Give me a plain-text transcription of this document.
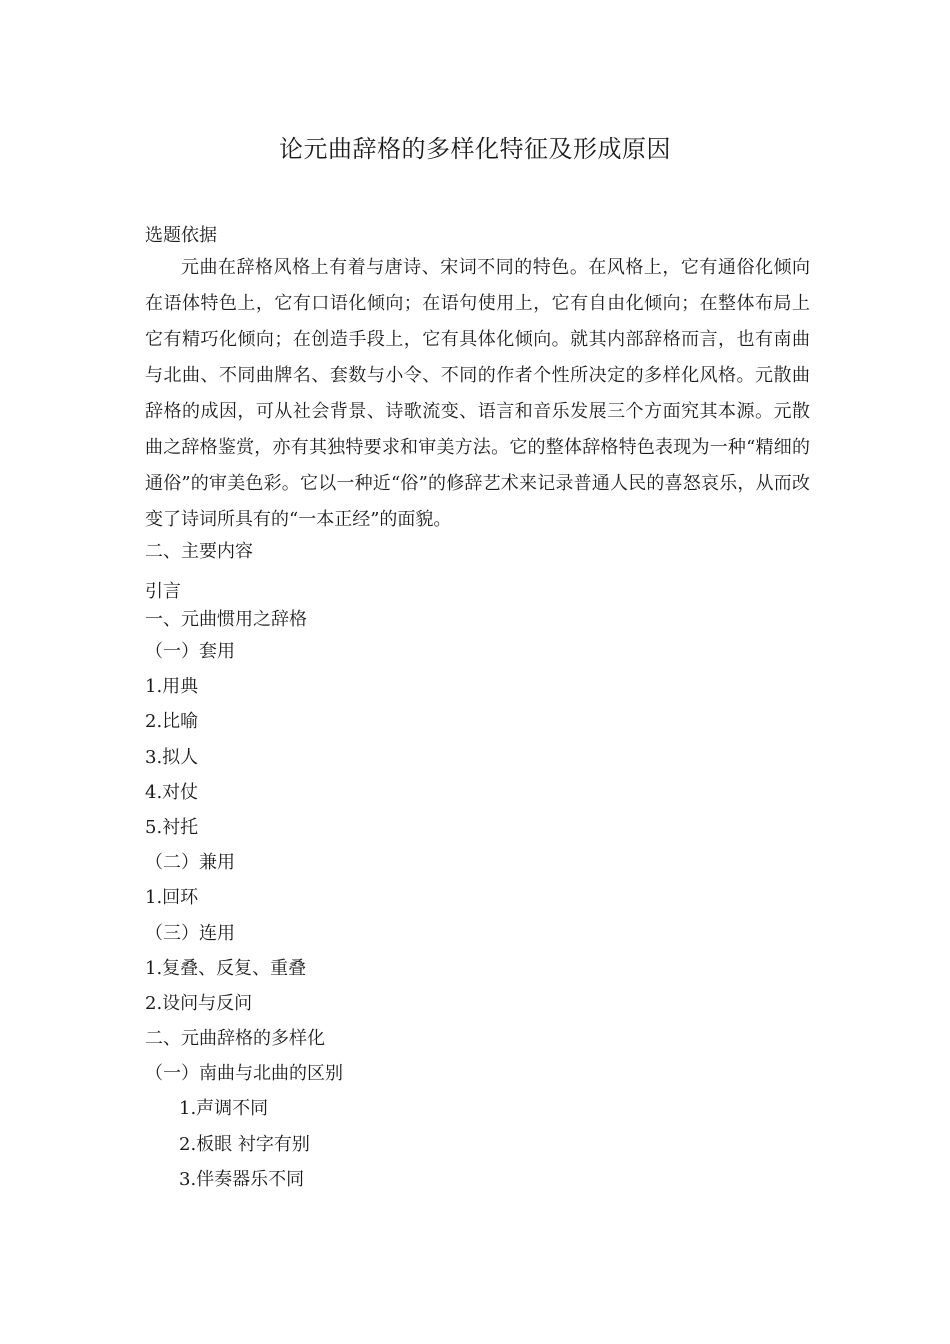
论元曲辞格的多样化特征及形成原因
选题依据

元曲在辞格风格上有着与唐诗、宋词不同的特色。在风格上，它有通俗化倾向在语体特色上，它有口语化倾向；在语句使用上，它有自由化倾向；在整体布局上它有精巧化倾向；在创造手段上，它有具体化倾向。就其内部辞格而言，也有南曲与北曲、不同曲牌名、套数与小令、不同的作者个性所决定的多样化风格。元散曲辞格的成因，可从社会背景、诗歌流变、语言和音乐发展三个方面究其本源。元散曲之辞格鉴赏，亦有其独特要求和审美方法。它的整体辞格特色表现为一种“精细的通俗”的审美色彩。它以一种近“俗”的修辞艺术来记录普通人民的喜怒哀乐，从而改变了诗词所具有的“一本正经”的面貌。

二、主要内容
引言
一、元曲惯用之辞格
（一）套用
1.用典
2.比喻
3.拟人
4.对仗
5.衬托
（二）兼用
1.回环
（三）连用
1.复叠、反复、重叠
2.设问与反问
二、元曲辞格的多样化
（一）南曲与北曲的区别
1.声调不同
2.板眼 衬字有别
3.伴奏器乐不同
